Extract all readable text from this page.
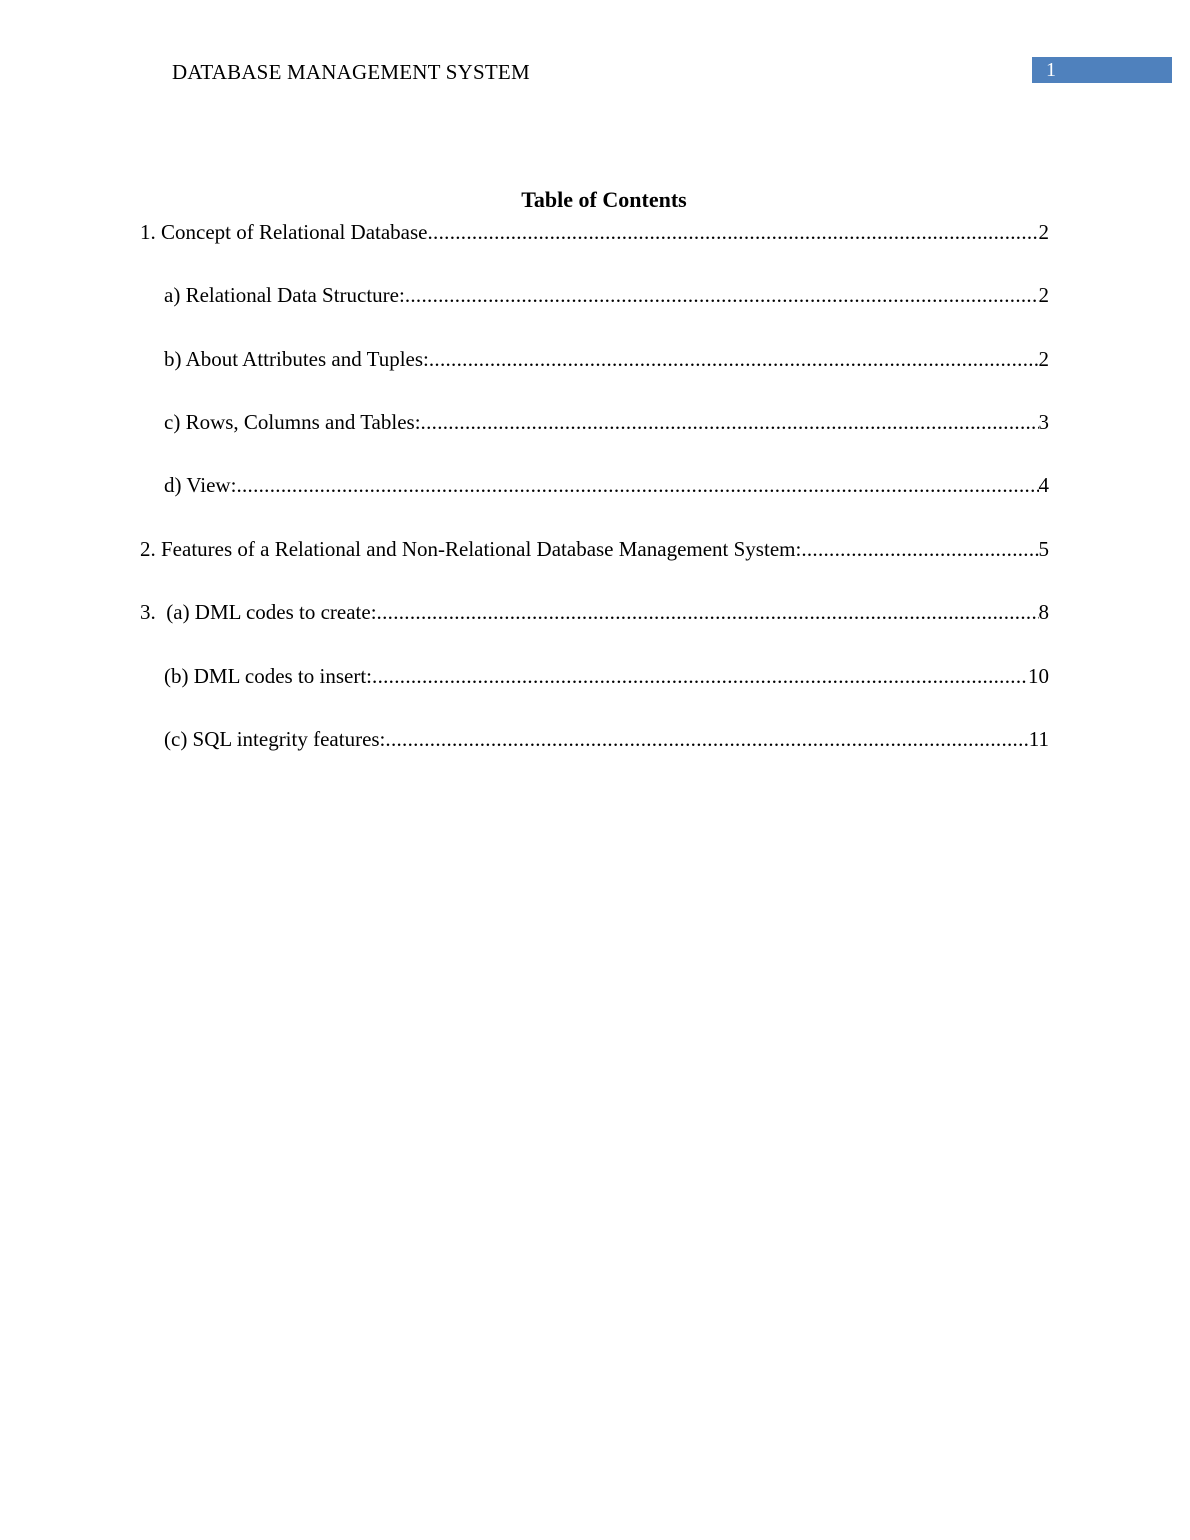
DATABASE MANAGEMENT SYSTEM	1
Table of Contents
1. Concept of Relational Database .....	2
a) Relational Data Structure: .....	2
b) About Attributes and Tuples: .....	2
c) Rows, Columns and Tables: .....	3
d) View: .....	4
2. Features of a Relational and Non-Relational Database Management System: .....	5
3.  (a) DML codes to create: .....	8
(b) DML codes to insert: .....	10
(c) SQL integrity features: .....	11
